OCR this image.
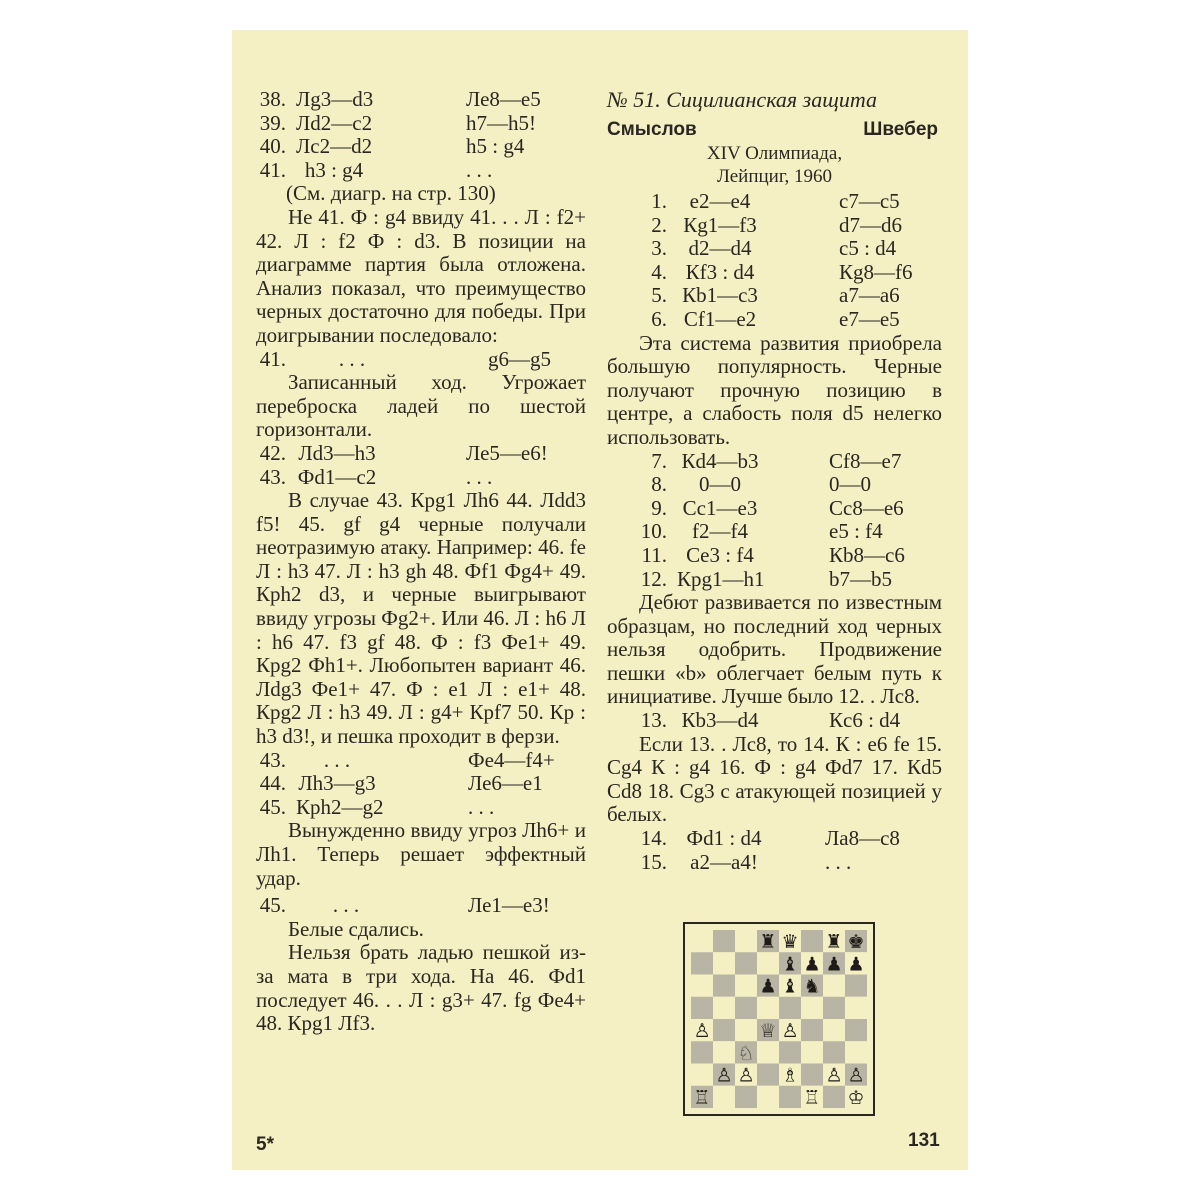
38. Лg3—d3	Ле8—e5
39. Лd2—c2	h7—h5!
40. Лc2—d2	h5 : g4
41. h3 : g4	. . .
(См. диагр. на стр. 130)

Не 41. Ф : g4 ввиду 41. . . Л : f2+ 42. Л : f2 Ф : d3. В позиции на диаграмме партия была отложена. Анализ показал, что преимущество черных достаточно для победы. При доигрывании последовало:

41.	. . .	g6—g5

Записанный ход. Угрожает переброска ладей по шестой горизонтали.

42. Лd3—h3	Ле5—e6!
43. Фd1—c2	. . .

В случае 43. Крg1 Лh6 44. Лdd3 f5! 45. gf g4 черные получали неотразимую атаку. Например: 46. fe Л : h3 47. Л : h3 gh 48. Фf1 Фg4+ 49. Крh2 d3, и черные выигрывают ввиду угрозы Фg2+. Или 46. Л : h6 Л : h6 47. f3 gf 48. Ф : f3 Фе1+ 49. Крg2 Фh1+. Любопытен вариант 46. Лdg3 Фе1+ 47. Ф : e1 Л : e1+ 48. Крg2 Л : h3 49. Л : g4+ Крf7 50. Кр : h3 d3!, и пешка проходит в ферзи.

43.	. . .	Фе4—f4+
44. Лh3—g3	Ле6—e1
45. Крh2—g2	. . .

Вынужденно ввиду угроз Лh6+ и Лh1. Теперь решает эффектный удар.

45.	. . .	Ле1—e3!

Белые сдались.

Нельзя брать ладью пешкой из-за мата в три хода. На 46. Фd1 последует 46. . . Л : g3+ 47. fg Фе4+ 48. Крg1 Лf3.

№ 51. Сицилианская защита
Смыслов	Швебер
XIV Олимпиада,
Лейпциг, 1960
1.	e2—e4	c7—c5
2. Кg1—f3	d7—d6
3.	d2—d4	c5 : d4
4. Кf3 : d4	Кg8—f6
5. Кb1—c3	a7—a6
6. Сf1—e2	e7—e5

Эта система развития приобрела большую популярность. Черные получают прочную позицию в центре, а слабость поля d5 нелегко использовать.

7. Кd4—b3	Сf8—e7
8.	0—0	0—0
9. Сc1—e3	Сc8—e6
10.	f2—f4	e5 : f4
11. Сe3 : f4	Кb8—c6
12. Крg1—h1	b7—b5

Дебют развивается по известным образцам, но последний ход черных нельзя одобрить. Продвижение пешки «b» облегчает белым путь к инициативе. Лучше было 12. . Лс8.

13. Кb3—d4	Кc6 : d4

Если 13. . Лс8, то 14. К : e6 fe 15. Сg4 К : g4 16. Ф : g4 Фd7 17. Кd5 Сd8 18. Сg3 с атакующей позицией у белых.

14. Фd1 : d4	Лa8—c8
15.	a2—a4!	. . .
♜ ♛ ♜ ♚
♝ ♟ ♟ ♟
♟ ♝ ♞
♙	♕ ♙
♘
♙ ♙ ♗ ♙ ♙
♖	♖ ♔
5*	131
